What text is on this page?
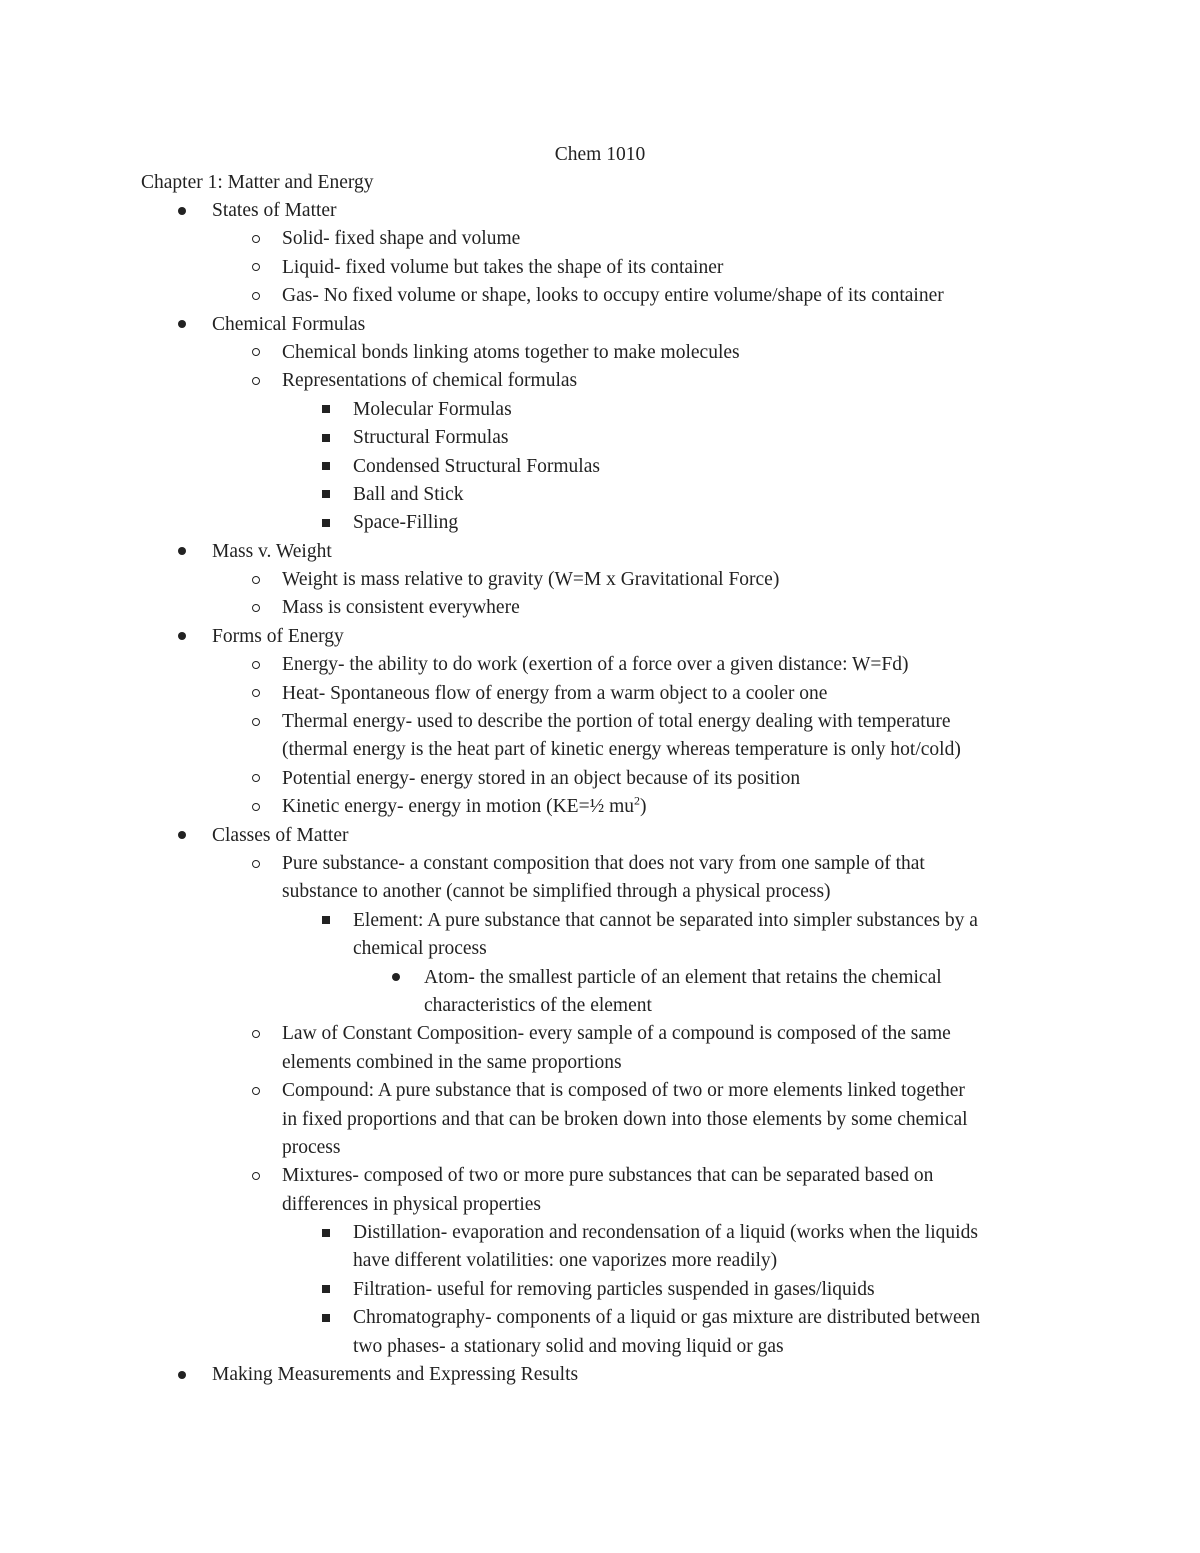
Chem 1010
Chapter 1: Matter and Energy
States of Matter
Solid- fixed shape and volume
Liquid- fixed volume but takes the shape of its container
Gas- No fixed volume or shape, looks to occupy entire volume/shape of its container
Chemical Formulas
Chemical bonds linking atoms together to make molecules
Representations of chemical formulas
Molecular Formulas
Structural Formulas
Condensed Structural Formulas
Ball and Stick
Space-Filling
Mass v. Weight
Weight is mass relative to gravity (W=M x Gravitational Force)
Mass is consistent everywhere
Forms of Energy
Energy- the ability to do work (exertion of a force over a given distance: W=Fd)
Heat- Spontaneous flow of energy from a warm object to a cooler one
Thermal energy- used to describe the portion of total energy dealing with temperature
(thermal energy is the heat part of kinetic energy whereas temperature is only hot/cold)
Potential energy- energy stored in an object because of its position
Kinetic energy- energy in motion (KE=½ $mu^2$)
Classes of Matter
Pure substance- a constant composition that does not vary from one sample of that
substance to another (cannot be simplified through a physical process)
Element: A pure substance that cannot be separated into simpler substances by a
chemical process
Atom- the smallest particle of an element that retains the chemical
characteristics of the element
Law of Constant Composition- every sample of a compound is composed of the same
elements combined in the same proportions
Compound: A pure substance that is composed of two or more elements linked together
in fixed proportions and that can be broken down into those elements by some chemical
process
Mixtures- composed of two or more pure substances that can be separated based on
differences in physical properties
Distillation- evaporation and recondensation of a liquid (works when the liquids
have different volatilities: one vaporizes more readily)
Filtration- useful for removing particles suspended in gases/liquids
Chromatography- components of a liquid or gas mixture are distributed between
two phases- a stationary solid and moving liquid or gas
Making Measurements and Expressing Results
